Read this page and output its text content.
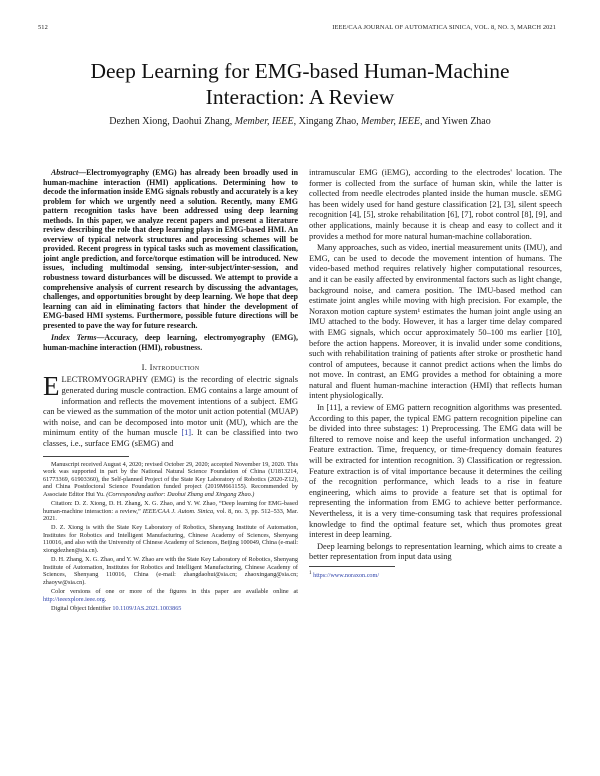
512	IEEE/CAA JOURNAL OF AUTOMATICA SINICA, VOL. 8, NO. 3, MARCH 2021
Deep Learning for EMG-based Human-Machine Interaction: A Review
Dezhen Xiong, Daohui Zhang, Member, IEEE, Xingang Zhao, Member, IEEE, and Yiwen Zhao

Abstract—Electromyography (EMG) has already been broadly used in human-machine interaction (HMI) applications. Determining how to decode the information inside EMG signals robustly and accurately is a key problem for which we urgently need a solution. Recently, many EMG pattern recognition tasks have been addressed using deep learning methods. In this paper, we analyze recent papers and present a literature review describing the role that deep learning plays in EMG-based HMI. An overview of typical network structures and processing schemes will be provided. Recent progress in typical tasks such as movement classification, joint angle prediction, and force/torque estimation will be introduced. New issues, including multimodal sensing, inter-subject/inter-session, and robustness toward disturbances will be discussed. We attempt to provide a comprehensive analysis of current research by discussing the advantages, challenges, and opportunities brought by deep learning. We hope that deep learning can aid in eliminating factors that hinder the development of EMG-based HMI systems. Furthermore, possible future directions will be presented to pave the way for future research.

Index Terms—Accuracy, deep learning, electromyography (EMG), human-machine interaction (HMI), robustness.

I. Introduction

ELECTROMYOGRAPHY (EMG) is the recording of electric signals generated during muscle contraction. EMG contains a large amount of information and reflects the movement intentions of a subject. EMG can be viewed as the summation of the motor unit action potential (MUAP) with noise, and can be decomposed into motor unit (MU), which are the minimum entity of the human muscle [1]. It can be classified into two classes, i.e., surface EMG (sEMG) and

Manuscript received August 4, 2020; revised October 29, 2020; accepted November 19, 2020. This work was supported in part by the National Natural Science Foundation of China (U1813214, 61773369, 61903360), the Self-planned Project of the State Key Laboratory of Robotics (2020-Z12), and China Postdoctoral Science Foundation funded project (2019M661155). Recommended by Associate Editor Hui Yu. (Corresponding author: Daohui Zhang and Xingang Zhao.)

Citation: D. Z. Xiong, D. H. Zhang, X. G. Zhao, and Y. W. Zhao, “Deep learning for EMG-based human-machine interaction: a review,” IEEE/CAA J. Autom. Sinica, vol. 8, no. 3, pp. 512–533, Mar. 2021.

D. Z. Xiong is with the State Key Laboratory of Robotics, Shenyang Institute of Automation, Institutes for Robotics and Intelligent Manufacturing, Chinese Academy of Sciences, Shenyang 110016, and also with the University of Chinese Academy of Sciences, Beijing 100049, China (e-mail: xiongdezhen@sia.cn).

D. H. Zhang, X. G. Zhao, and Y. W. Zhao are with the State Key Laboratory of Robotics, Shenyang Institute of Automation, Institutes for Robotics and Intelligent Manufacturing, Chinese Academy of Sciences, Shenyang 110016, China (e-mail: zhangdaohui@sia.cn; zhaoxingang@sia.cn; zhaoyw@sia.cn).

Color versions of one or more of the figures in this paper are available online at http://ieeexplore.ieee.org.

Digital Object Identifier 10.1109/JAS.2021.1003865

intramuscular EMG (iEMG), according to the electrodes' location. The former is collected from the surface of human skin, while the latter is collected from needle electrodes planted inside the human muscle. sEMG has been widely used for hand gesture classification [2], [3], silent speech recognition [4], [5], stroke rehabilitation [6], [7], robot control [8], [9], and other applications, mainly because it is cheap and easy to collect and it provides a method for more natural human-machine collaboration.

Many approaches, such as video, inertial measurement units (IMU), and EMG, can be used to decode the movement intention of humans. The video-based method requires relatively higher computational resources, and it can be easily affected by environmental factors such as light change, background noise, and camera position. The IMU-based method can estimate joint angles while moving with high precision. For example, the Noraxon motion capture system¹ estimates the human joint angle using an IMU attached to the body. However, it has a larger time delay compared with EMG signals, which occur approximately 50–100 ms earlier [10], before the action happens. Moreover, it is invalid under some conditions, such with rehabilitation training of patients after stroke or prosthetic hand control of amputees, because it cannot predict actions when the limbs do not move. In contrast, an EMG provides a method for obtaining a more natural and fluent human-machine interaction (HMI) that reflects human intent physiologically.

In [11], a review of EMG pattern recognition algorithms was presented. According to this paper, the typical EMG pattern recognition pipeline can be divided into three substages: 1) Preprocessing. The EMG data will be filtered to remove noise and keep the useful information unchanged. 2) Feature extraction. Time, frequency, or time-frequency domain features will be extracted for intention recognition. 3) Classification or regression. Feature extraction is of vital importance because it determines the ceiling of the recognition performance, which leads to a rise in feature engineering, which aims to provide a feature set that is optimal for representing the information from EMG to achieve better performance. Nevertheless, it is a very time-consuming task that requires professional knowledge to find the optimal feature set, which thus promotes great interest in deep learning.

Deep learning belongs to representation learning, which aims to create a better representation from input data using

$^1$ https://www.noraxon.com/
